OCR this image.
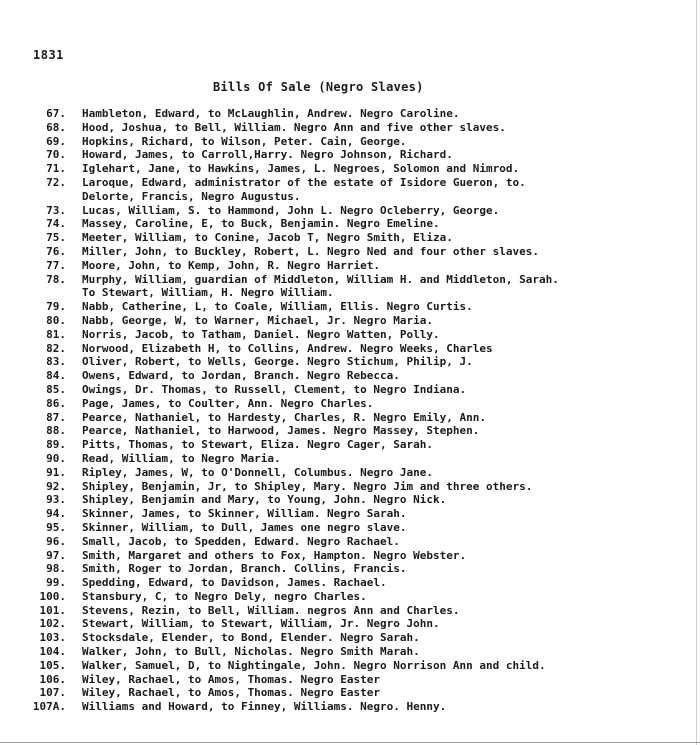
1831
Bills Of Sale (Negro Slaves)
67.	Hambleton, Edward, to McLaughlin, Andrew. Negro Caroline.
68.	Hood, Joshua, to Bell, William. Negro Ann and five other slaves.
69.	Hopkins, Richard, to Wilson, Peter. Cain, George.
70.	Howard, James, to Carroll,Harry. Negro Johnson, Richard.
71.	Iglehart, Jane, to Hawkins, James, L. Negroes, Solomon and Nimrod.
72.	Laroque, Edward, administrator of the estate of Isidore Gueron, to.
Delorte, Francis, Negro Augustus.
73.	Lucas, William, S. to Hammond, John L. Negro Ocleberry, George.
74.	Massey, Caroline, E, to Buck, Benjamin. Negro Emeline.
75.	Meeter, William, to Conine, Jacob T, Negro Smith, Eliza.
76.	Miller, John, to Buckley, Robert, L. Negro Ned and four other slaves.
77.	Moore, John, to Kemp, John, R. Negro Harriet.
78.	Murphy, William, guardian of Middleton, William H. and Middleton, Sarah.
To Stewart, William, H. Negro William.
79.	Nabb, Catherine, L, to Coale, William, Ellis. Negro Curtis.
80.	Nabb, George, W, to Warner, Michael, Jr. Negro Maria.
81.	Norris, Jacob, to Tatham, Daniel. Negro Watten, Polly.
82.	Norwood, Elizabeth H, to Collins, Andrew. Negro Weeks, Charles
83.	Oliver, Robert, to Wells, George. Negro Stichum, Philip, J.
84.	Owens, Edward, to Jordan, Branch. Negro Rebecca.
85.	Owings, Dr. Thomas, to Russell, Clement, to Negro Indiana.
86.	Page, James, to Coulter, Ann. Negro Charles.
87.	Pearce, Nathaniel, to Hardesty, Charles, R. Negro Emily, Ann.
88.	Pearce, Nathaniel, to Harwood, James. Negro Massey, Stephen.
89.	Pitts, Thomas, to Stewart, Eliza. Negro Cager, Sarah.
90.	Read, William, to Negro Maria.
91.	Ripley, James, W, to O'Donnell, Columbus. Negro Jane.
92.	Shipley, Benjamin, Jr, to Shipley, Mary. Negro Jim and three others.
93.	Shipley, Benjamin and Mary, to Young, John. Negro Nick.
94.	Skinner, James, to Skinner, William. Negro Sarah.
95.	Skinner, William, to Dull, James one negro slave.
96.	Small, Jacob, to Spedden, Edward. Negro Rachael.
97.	Smith, Margaret and others to Fox, Hampton. Negro Webster.
98.	Smith, Roger to Jordan, Branch. Collins, Francis.
99.	Spedding, Edward, to Davidson, James. Rachael.
100.	Stansbury, C, to Negro Dely, negro Charles.
101.	Stevens, Rezin, to Bell, William. negros Ann and Charles.
102.	Stewart, William, to Stewart, William, Jr. Negro John.
103.	Stocksdale, Elender, to Bond, Elender. Negro Sarah.
104.	Walker, John, to Bull, Nicholas. Negro Smith Marah.
105.	Walker, Samuel, D, to Nightingale, John. Negro Norrison Ann and child.
106.	Wiley, Rachael, to Amos, Thomas. Negro Easter
107.	Wiley, Rachael, to Amos, Thomas. Negro Easter
107A.	Williams and Howard, to Finney, Williams. Negro. Henny.
